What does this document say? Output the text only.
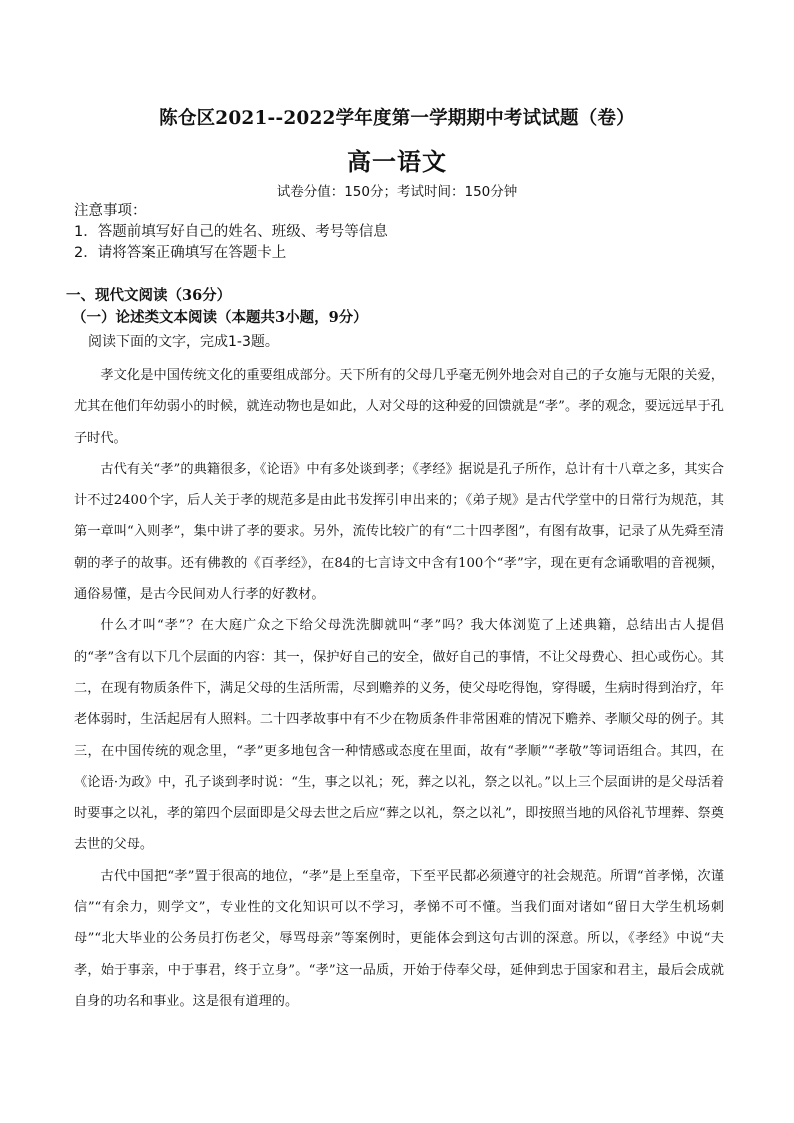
陈仓区2021--2022学年度第一学期期中考试试题（卷）
高一语文
试卷分值：150分；考试时间：150分钟
注意事项：
1．答题前填写好自己的姓名、班级、考号等信息
2．请将答案正确填写在答题卡上
一、现代文阅读（36分）
（一）论述类文本阅读（本题共3小题，9分）
阅读下面的文字，完成1-3题。

孝文化是中国传统文化的重要组成部分。天下所有的父母几乎毫无例外地会对自己的子女施与无限的关爱，尤其在他们年幼弱小的时候，就连动物也是如此，人对父母的这种爱的回馈就是“孝”。孝的观念，要远远早于孔子时代。

古代有关“孝”的典籍很多，《论语》中有多处谈到孝；《孝经》据说是孔子所作，总计有十八章之多，其实合计不过2400个字，后人关于孝的规范多是由此书发挥引申出来的；《弟子规》是古代学堂中的日常行为规范，其第一章叫“入则孝”，集中讲了孝的要求。另外，流传比较广的有“二十四孝图”，有图有故事，记录了从先舜至清朝的孝子的故事。还有佛教的《百孝经》，在84的七言诗文中含有100个“孝”字，现在更有念诵歌唱的音视频，通俗易懂，是古今民间劝人行孝的好教材。

什么才叫“孝”？在大庭广众之下给父母洗洗脚就叫“孝”吗？我大体浏览了上述典籍，总结出古人提倡的“孝”含有以下几个层面的内容：其一，保护好自己的安全，做好自己的事情，不让父母费心、担心或伤心。其二，在现有物质条件下，满足父母的生活所需，尽到赡养的义务，使父母吃得饱，穿得暖，生病时得到治疗，年老体弱时，生活起居有人照料。二十四孝故事中有不少在物质条件非常困难的情况下赡养、孝顺父母的例子。其三，在中国传统的观念里，“孝”更多地包含一种情感或态度在里面，故有“孝顺”“孝敬”等词语组合。其四，在《论语·为政》中，孔子谈到孝时说：“生，事之以礼；死，葬之以礼，祭之以礼。”以上三个层面讲的是父母活着时要事之以礼，孝的第四个层面即是父母去世之后应“葬之以礼，祭之以礼”，即按照当地的风俗礼节埋葬、祭奠去世的父母。

古代中国把“孝”置于很高的地位，“孝”是上至皇帝，下至平民都必须遵守的社会规范。所谓“首孝悌，次谨信”“有余力，则学文”，专业性的文化知识可以不学习，孝悌不可不懂。当我们面对诸如“留日大学生机场刺母”“北大毕业的公务员打伤老父，辱骂母亲”等案例时，更能体会到这句古训的深意。所以，《孝经》中说“夫孝，始于事亲，中于事君，终于立身”。“孝”这一品质，开始于侍奉父母，延伸到忠于国家和君主，最后会成就自身的功名和事业。这是很有道理的。
